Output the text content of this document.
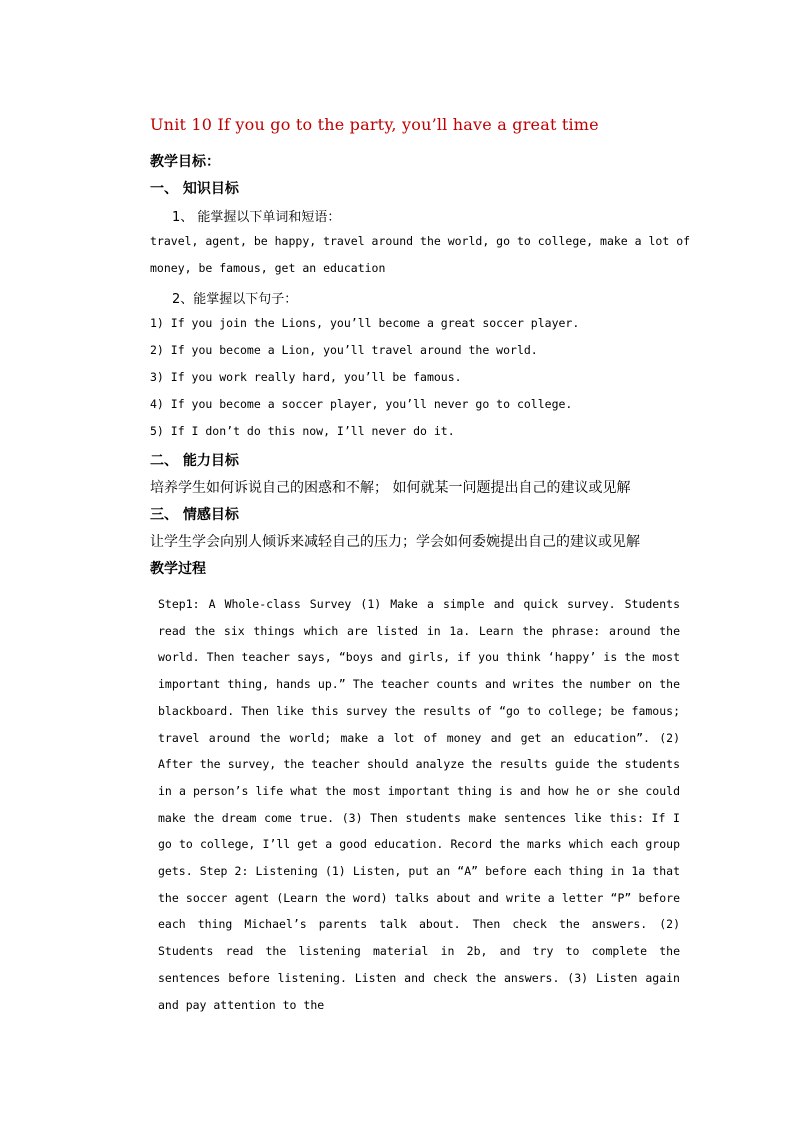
Unit 10 If you go to the party, you’ll have a great time
教学目标：
一、 知识目标
1、 能掌握以下单词和短语：
travel, agent, be happy, travel around the world, go to college, make a lot of
money, be famous, get an education
2、能掌握以下句子：
1) If you join the Lions, you’ll become a great soccer player.
2) If you become a Lion, you’ll travel around the world.
3) If you work really hard, you’ll be famous.
4) If you become a soccer player, you’ll never go to college.
5) If I don’t do this now, I’ll never do it.
二、 能力目标
培养学生如何诉说自己的困惑和不解； 如何就某一问题提出自己的建议或见解
三、 情感目标
让学生学会向别人倾诉来减轻自己的压力；学会如何委婉提出自己的建议或见解
教学过程
Step1: A Whole-class Survey (1) Make a simple and quick survey. Students read the six things which are listed in 1a. Learn the phrase: around the world. Then teacher says, “boys and girls, if you think ‘happy’ is the most important thing, hands up.” The teacher counts and writes the number on the blackboard. Then like this survey the results of “go to college; be famous; travel around the world; make a lot of money and get an education”. (2) After the survey, the teacher should analyze the results guide the students in a person’s life what the most important thing is and how he or she could make the dream come true. (3) Then students make sentences like this: If I go to college, I’ll get a good education. Record the marks which each group gets. Step 2: Listening (1) Listen, put an “A” before each thing in 1a that the soccer agent (Learn the word) talks about and write a letter “P” before each thing Michael’s parents talk about. Then check the answers. (2) Students read the listening material in 2b, and try to complete the sentences before listening. Listen and check the answers. (3) Listen again and pay attention to the
